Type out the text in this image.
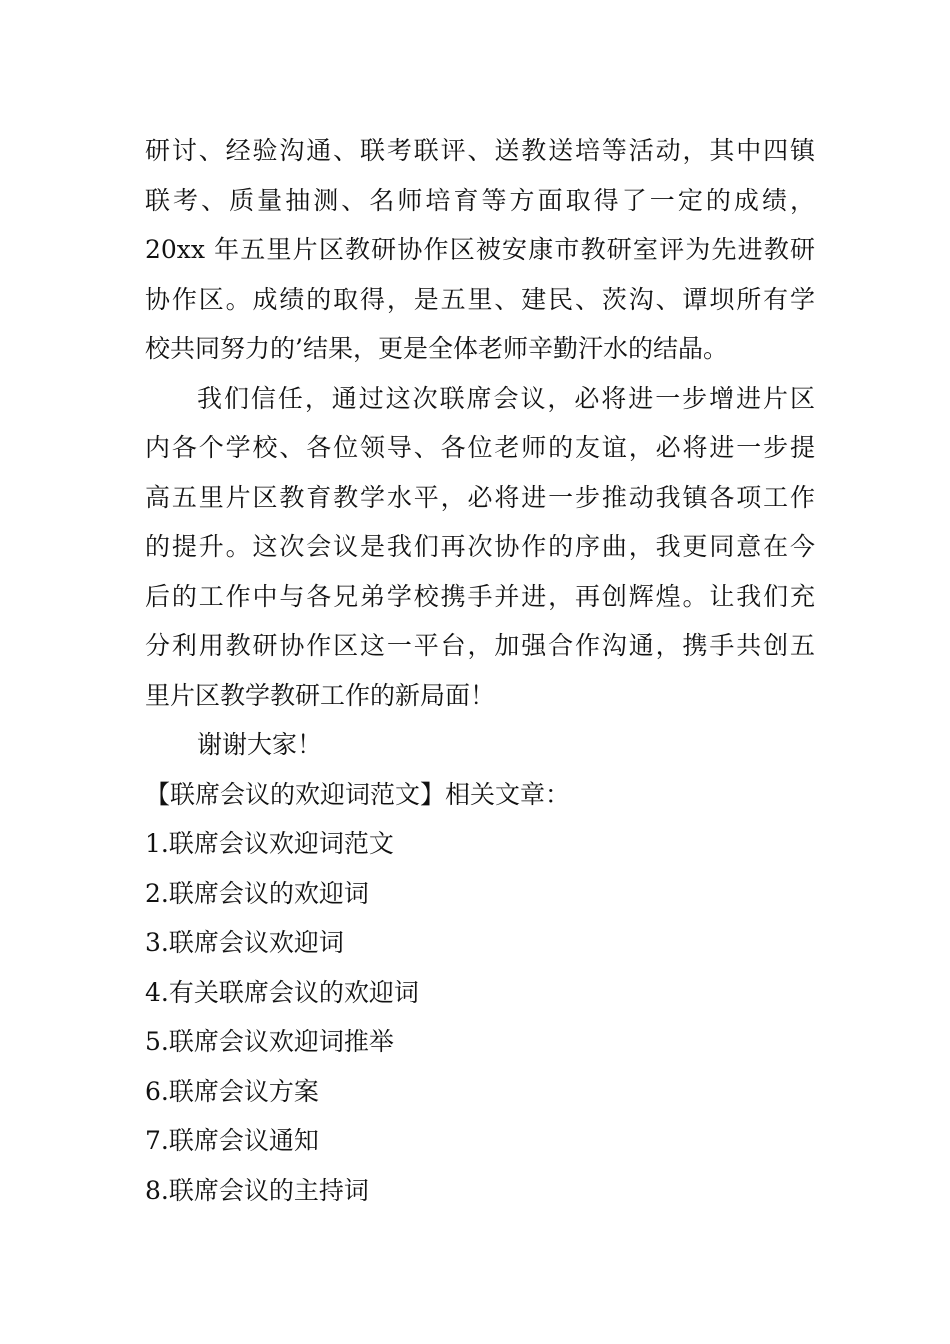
研讨、经验沟通、联考联评、送教送培等活动，其中四镇
联考、质量抽测、名师培育等方面取得了一定的成绩，
20xx 年五里片区教研协作区被安康市教研室评为先进教研
协作区。成绩的取得，是五里、建民、茨沟、谭坝所有学
校共同努力的’结果，更是全体老师辛勤汗水的结晶。
我们信任，通过这次联席会议，必将进一步增进片区
内各个学校、各位领导、各位老师的友谊，必将进一步提
高五里片区教育教学水平，必将进一步推动我镇各项工作
的提升。这次会议是我们再次协作的序曲，我更同意在今
后的工作中与各兄弟学校携手并进，再创辉煌。让我们充
分利用教研协作区这一平台，加强合作沟通，携手共创五
里片区教学教研工作的新局面！
谢谢大家！
【联席会议的欢迎词范文】相关文章：
1.联席会议欢迎词范文
2.联席会议的欢迎词
3.联席会议欢迎词
4.有关联席会议的欢迎词
5.联席会议欢迎词推举
6.联席会议方案
7.联席会议通知
8.联席会议的主持词
